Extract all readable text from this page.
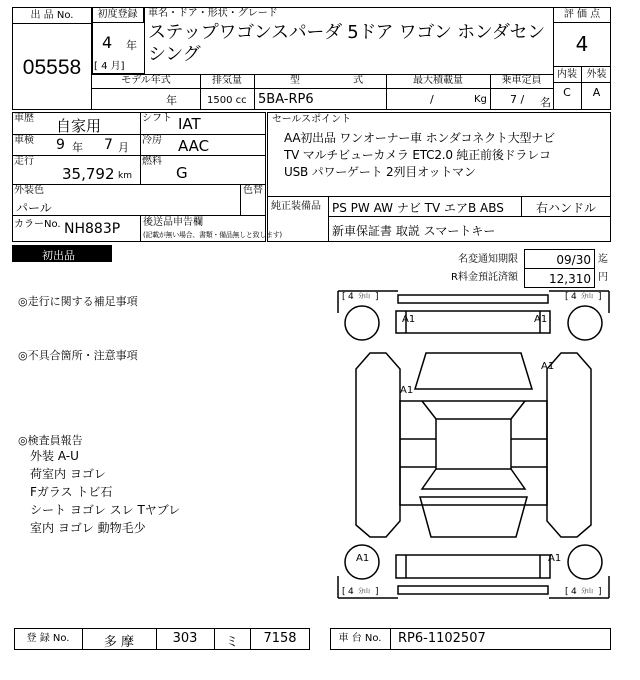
出 品 No.
05558
初度登録
4 年
[ 4 月]
車名・ドア・形状・グレード
ステップワゴンスパーダ 5ドア ワゴン ホンダセンシング
評 価 点
4
内装 外装
C	A
モデル年式
年
排気量
1500 cc
型 式
5BA-RP6
最大積載量
/	Kg
乗車定員
7 / 名
車歴 自家用	シフト IAT
車検 9 年 7 月
冷房 AAC
走行
35,792 km
燃料
G
外装色
パール
色替
カラーNo. NH883P 後送品申告欄
(記載が無い場合、書類・備品無しと致します)
セールスポイント
AA初出品 ワンオーナー車 ホンダコネクト大型ナビ
TV マルチビューカメラ ETC2.0 純正前後ドラレコ
USB パワーゲート 2列目オットマン
純正装備品 PS PW AW ナビ TV エアB ABS	右ハンドル
新車保証書 取説 スマートキー
初出品	名変通知期限	09/30 迄
R料金預託済額	12,310 円
◎走行に関する補足事項
◎不具合箇所・注意事項
◎検査員報告
外装 A-U
荷室内 ヨゴレ
Fガラス トビ石
シート ヨゴレ スレ Tヤブレ
室内 ヨゴレ 動物毛少
[ 4 分山 ]	[ 4 分山 ]
[ 4 分山 ]	[ 4 分山 ]
A1	A1
A1
A1
A1	A1
登 録 No.	多 摩	303	ミ	7158	車 台 No.	RP6-1102507
